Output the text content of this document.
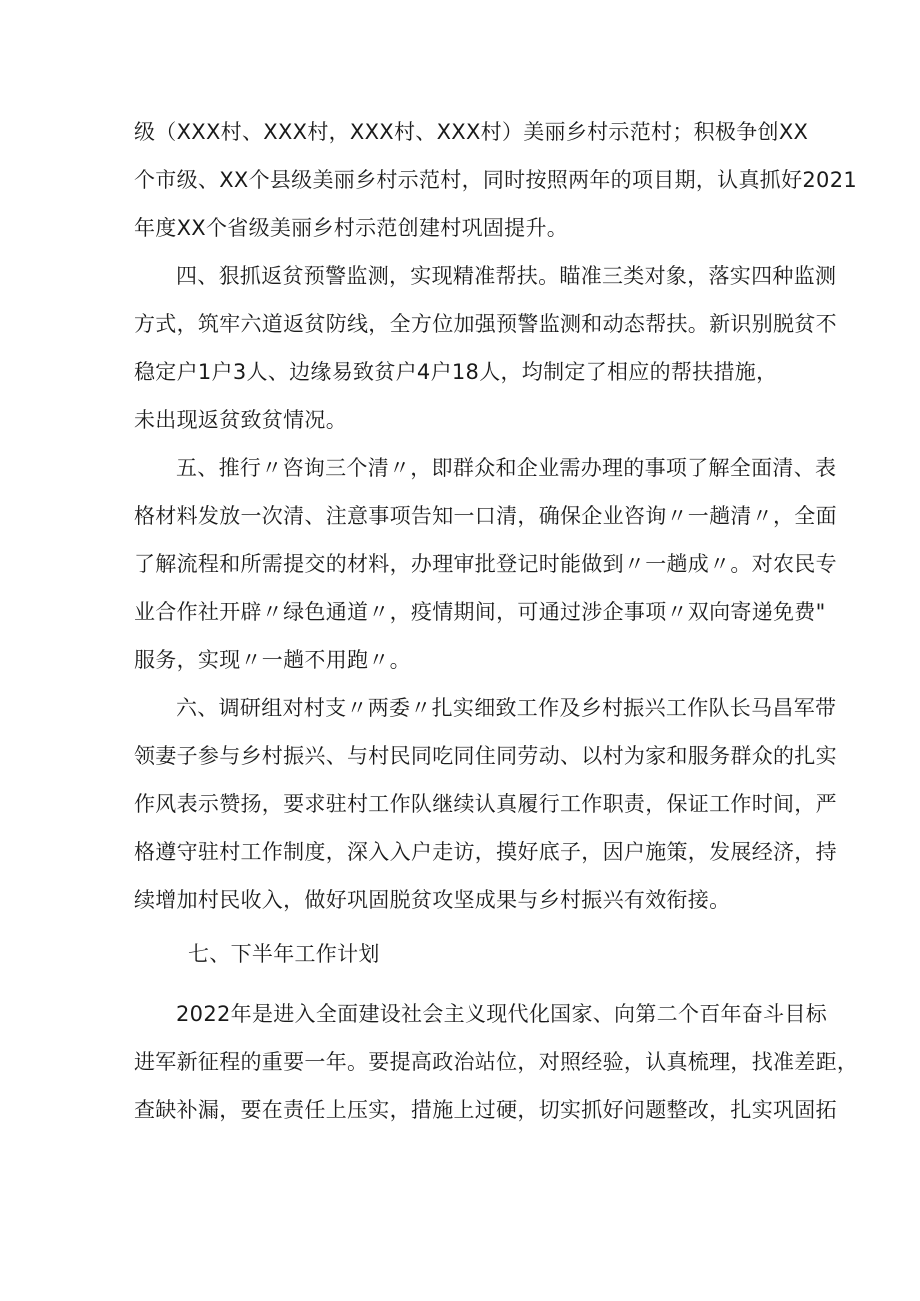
级（XXX村、XXX村，XXX村、XXX村）美丽乡村示范村；积极争创XX
个市级、XX个县级美丽乡村示范村，同时按照两年的项目期，认真抓好2021
年度XX个省级美丽乡村示范创建村巩固提升。
四、狠抓返贫预警监测，实现精准帮扶。瞄准三类对象，落实四种监测
方式，筑牢六道返贫防线，全方位加强预警监测和动态帮扶。新识别脱贫不
稳定户1户3人、边缘易致贫户4户18人，均制定了相应的帮扶措施，
未出现返贫致贫情况。
五、推行〃咨询三个清〃，即群众和企业需办理的事项了解全面清、表
格材料发放一次清、注意事项告知一口清，确保企业咨询〃一趟清〃，全面
了解流程和所需提交的材料，办理审批登记时能做到〃一趟成〃。对农民专
业合作社开辟〃绿色通道〃，疫情期间，可通过涉企事项〃双向寄递免费"
服务，实现〃一趟不用跑〃。
六、调研组对村支〃两委〃扎实细致工作及乡村振兴工作队长马昌军带
领妻子参与乡村振兴、与村民同吃同住同劳动、以村为家和服务群众的扎实
作风表示赞扬，要求驻村工作队继续认真履行工作职责，保证工作时间，严
格遵守驻村工作制度，深入入户走访，摸好底子，因户施策，发展经济，持
续增加村民收入，做好巩固脱贫攻坚成果与乡村振兴有效衔接。
七、下半年工作计划
2022年是进入全面建设社会主义现代化国家、向第二个百年奋斗目标
进军新征程的重要一年。要提高政治站位，对照经验，认真梳理，找准差距，
查缺补漏，要在责任上压实，措施上过硬，切实抓好问题整改，扎实巩固拓
